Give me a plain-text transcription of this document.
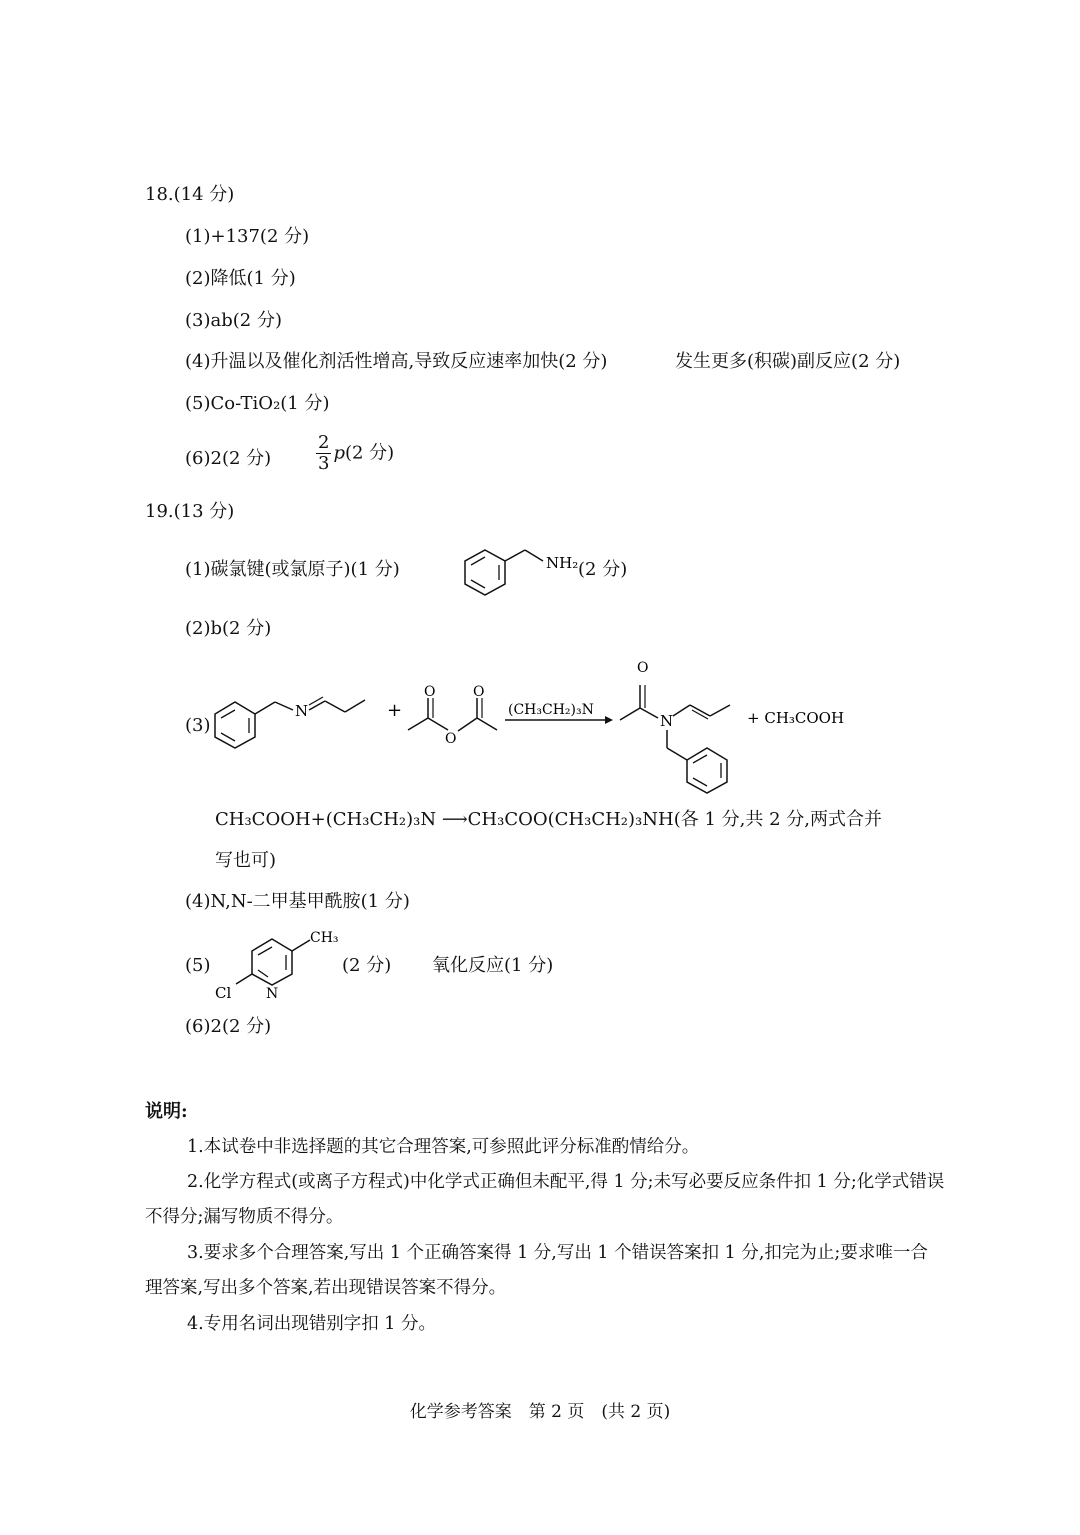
18.(14 分)
(1)+137(2 分)
(2)降低(1 分)
(3)ab(2 分)
(4)升温以及催化剂活性增高,导致反应速率加快(2 分)	发生更多(积碳)副反应(2 分)
(5)Co-TiO₂(1 分)
(6)2(2 分) $\frac{2}{3} p(2$ 分)
19.(13 分)
(1)碳氯键(或氯原子)(1 分)	NH₂ (2 分)
(2)b(2 分)
(3)
N	+
O
O
O
(CH₃CH₂)₃N
O
N	+ CH₃COOH
CH₃COOH+(CH₃CH₂)₃N ⟶CH₃COO(CH₃CH₂)₃NH(各 1 分,共 2 分,两式合并
写也可)
(4)N,N-二甲基甲酰胺(1 分)
(5)
CH₃
Cl N
(2 分) 氧化反应(1 分)
(6)2(2 分)
说明:
1.本试卷中非选择题的其它合理答案,可参照此评分标准酌情给分。
2.化学方程式(或离子方程式)中化学式正确但未配平,得 1 分;未写必要反应条件扣 1 分;化学式错误不得分;漏写物质不得分。
3.要求多个合理答案,写出 1 个正确答案得 1 分,写出 1 个错误答案扣 1 分,扣完为止;要求唯一合理答案,写出多个答案,若出现错误答案不得分。
4.专用名词出现错别字扣 1 分。
化学参考答案　第 2 页　(共 2 页)
